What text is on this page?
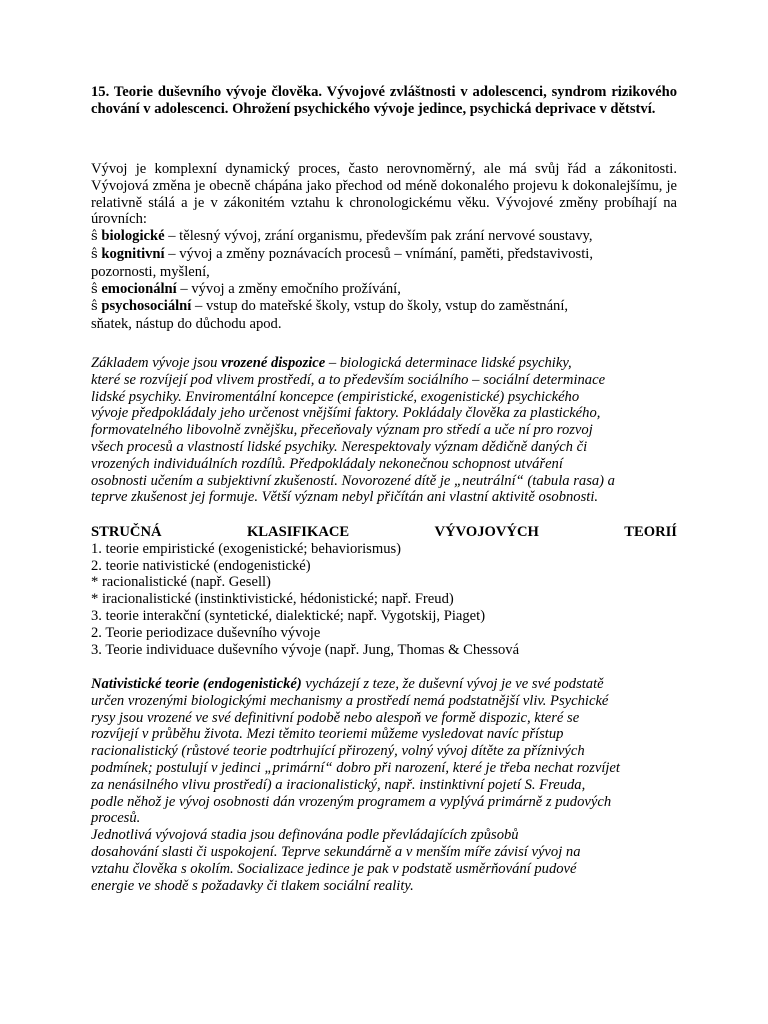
15. Teorie duševního vývoje člověka. Vývojové zvláštnosti v adolescenci, syndrom rizikového chování v adolescenci. Ohrožení psychického vývoje jedince, psychická deprivace v dětství.
Vývoj je komplexní dynamický proces, často nerovnoměrný, ale má svůj řád a zákonitosti. Vývojová změna je obecně chápána jako přechod od méně dokonalého projevu k dokonalejšímu, je relativně stálá a je v zákonitém vztahu k chronologickému věku. Vývojové změny probíhají na úrovních:
ŝ biologické – tělesný vývoj, zrání organismu, především pak zrání nervové soustavy,
ŝ kognitivní – vývoj a změny poznávacích procesů – vnímání, paměti, představivosti,
pozornosti, myšlení,
ŝ emocionální – vývoj a změny emočního prožívání,
ŝ psychosociální – vstup do mateřské školy, vstup do školy, vstup do zaměstnání,
sňatek, nástup do důchodu apod.
Základem vývoje jsou vrozené dispozice – biologická determinace lidské psychiky,
které se rozvíjejí pod vlivem prostředí, a to především sociálního – sociální determinace
lidské psychiky. Enviromentální koncepce (empiristické, exogenistické) psychického
vývoje předpokládaly jeho určenost vnějšími faktory. Pokládaly člověka za plastického,
formovatelného libovolně zvnějšku, přeceňovaly význam pro středí a uče ní pro rozvoj
všech procesů a vlastností lidské psychiky. Nerespektovaly význam dědičně daných či
vrozených individuálních rozdílů. Předpokládaly nekonečnou schopnost utváření
osobnosti učením a subjektivní zkušeností. Novorozené dítě je „neutrální“ (tabula rasa) a
teprve zkušenost jej formuje. Větší význam nebyl přičítán ani vlastní aktivitě osobnosti.
STRUČNÁ	KLASIFIKACE	VÝVOJOVÝCH	TEORIÍ
1. teorie empiristické (exogenistické; behaviorismus)
2. teorie nativistické (endogenistické)
* racionalistické (např. Gesell)
* iracionalistické (instinktivistické, hédonistické; např. Freud)
3. teorie interakční (syntetické, dialektické; např. Vygotskij, Piaget)
2. Teorie periodizace duševního vývoje
3. Teorie individuace duševního vývoje (např. Jung, Thomas & Chessová
Nativistické teorie (endogenistické) vycházejí z teze, že duševní vývoj je ve své podstatě
určen vrozenými biologickými mechanismy a prostředí nemá podstatnější vliv. Psychické
rysy jsou vrozené ve své definitivní podobě nebo alespoň ve formě dispozic, které se
rozvíjejí v průběhu života. Mezi těmito teoriemi můžeme vysledovat navíc přístup
racionalistický (růstové teorie podtrhující přirozený, volný vývoj dítěte za příznivých
podmínek; postulují v jedinci „primární“ dobro při narození, které je třeba nechat rozvíjet
za nenásilného vlivu prostředí) a iracionalistický, např. instinktivní pojetí S. Freuda,
podle něhož je vývoj osobnosti dán vrozeným programem a vyplývá primárně z pudových
procesů.
Jednotlivá vývojová stadia jsou definována podle převládajících způsobů
dosahování slasti či uspokojení. Teprve sekundárně a v menším míře závisí vývoj na
vztahu člověka s okolím. Socializace jedince je pak v podstatě usměrňování pudové
energie ve shodě s požadavky či tlakem sociální reality.
